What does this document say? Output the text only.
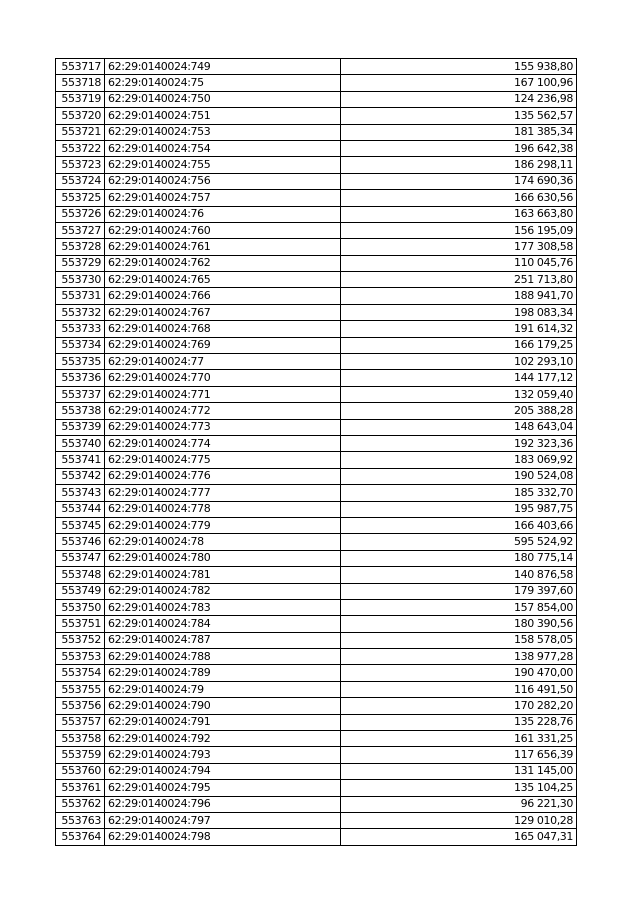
553717	62:29:0140024:749	155 938,80
553718	62:29:0140024:75	167 100,96
553719	62:29:0140024:750	124 236,98
553720	62:29:0140024:751	135 562,57
553721	62:29:0140024:753	181 385,34
553722	62:29:0140024:754	196 642,38
553723	62:29:0140024:755	186 298,11
553724	62:29:0140024:756	174 690,36
553725	62:29:0140024:757	166 630,56
553726	62:29:0140024:76	163 663,80
553727	62:29:0140024:760	156 195,09
553728	62:29:0140024:761	177 308,58
553729	62:29:0140024:762	110 045,76
553730	62:29:0140024:765	251 713,80
553731	62:29:0140024:766	188 941,70
553732	62:29:0140024:767	198 083,34
553733	62:29:0140024:768	191 614,32
553734	62:29:0140024:769	166 179,25
553735	62:29:0140024:77	102 293,10
553736	62:29:0140024:770	144 177,12
553737	62:29:0140024:771	132 059,40
553738	62:29:0140024:772	205 388,28
553739	62:29:0140024:773	148 643,04
553740	62:29:0140024:774	192 323,36
553741	62:29:0140024:775	183 069,92
553742	62:29:0140024:776	190 524,08
553743	62:29:0140024:777	185 332,70
553744	62:29:0140024:778	195 987,75
553745	62:29:0140024:779	166 403,66
553746	62:29:0140024:78	595 524,92
553747	62:29:0140024:780	180 775,14
553748	62:29:0140024:781	140 876,58
553749	62:29:0140024:782	179 397,60
553750	62:29:0140024:783	157 854,00
553751	62:29:0140024:784	180 390,56
553752	62:29:0140024:787	158 578,05
553753	62:29:0140024:788	138 977,28
553754	62:29:0140024:789	190 470,00
553755	62:29:0140024:79	116 491,50
553756	62:29:0140024:790	170 282,20
553757	62:29:0140024:791	135 228,76
553758	62:29:0140024:792	161 331,25
553759	62:29:0140024:793	117 656,39
553760	62:29:0140024:794	131 145,00
553761	62:29:0140024:795	135 104,25
553762	62:29:0140024:796	96 221,30
553763	62:29:0140024:797	129 010,28
553764	62:29:0140024:798	165 047,31
